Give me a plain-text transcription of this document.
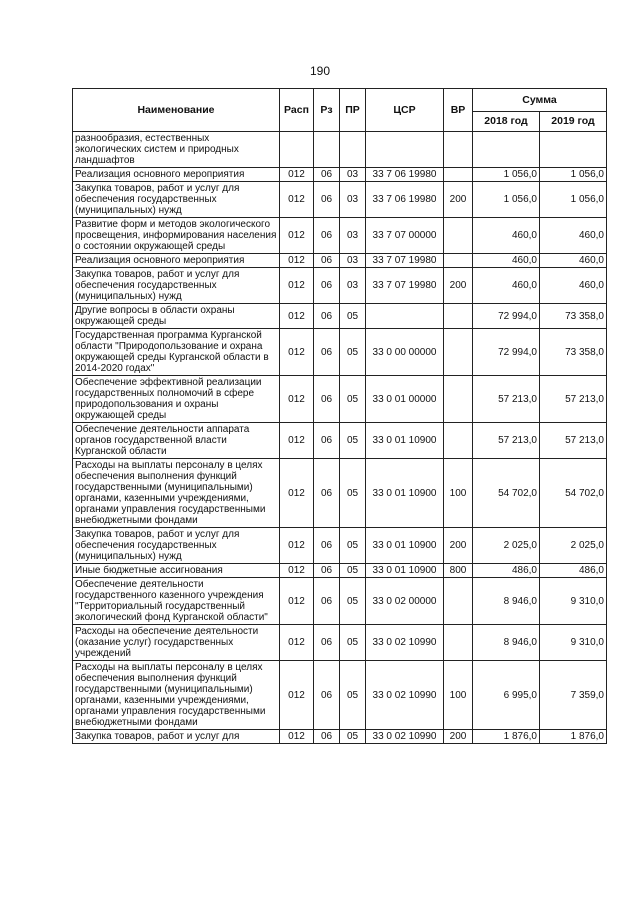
190
Наименование	Расп	Рз	ПР	ЦСР	ВР	Сумма	
						2018 год	2019 год
разнообразия, естественных экологических систем и природных ландшафтов							
Реализация основного мероприятия	012	06	03	33 7 06 19980		1 056,0	1 056,0
Закупка товаров, работ и услуг для обеспечения государственных (муниципальных) нужд	012	06	03	33 7 06 19980	200	1 056,0	1 056,0
Развитие форм и методов экологического просвещения, информирования населения о состоянии окружающей среды	012	06	03	33 7 07 00000		460,0	460,0
Реализация основного мероприятия	012	06	03	33 7 07 19980		460,0	460,0
Закупка товаров, работ и услуг для обеспечения государственных (муниципальных) нужд	012	06	03	33 7 07 19980	200	460,0	460,0
Другие вопросы в области охраны окружающей среды	012	06	05			72 994,0	73 358,0
Государственная программа Курганской области "Природопользование и охрана окружающей среды Курганской области в 2014-2020 годах"	012	06	05	33 0 00 00000		72 994,0	73 358,0
Обеспечение эффективной реализации государственных полномочий в сфере природопользования и охраны окружающей среды	012	06	05	33 0 01 00000		57 213,0	57 213,0
Обеспечение деятельности аппарата органов государственной власти Курганской области	012	06	05	33 0 01 10900		57 213,0	57 213,0
Расходы на выплаты персоналу в целях обеспечения выполнения функций государственными (муниципальными) органами, казенными учреждениями, органами управления государственными внебюджетными фондами	012	06	05	33 0 01 10900	100	54 702,0	54 702,0
Закупка товаров, работ и услуг для обеспечения государственных (муниципальных) нужд	012	06	05	33 0 01 10900	200	2 025,0	2 025,0
Иные бюджетные ассигнования	012	06	05	33 0 01 10900	800	486,0	486,0
Обеспечение деятельности государственного казенного учреждения "Территориальный государственный экологический фонд Курганской области"	012	06	05	33 0 02 00000		8 946,0	9 310,0
Расходы на обеспечение деятельности (оказание услуг) государственных учреждений	012	06	05	33 0 02 10990		8 946,0	9 310,0
Расходы на выплаты персоналу в целях обеспечения выполнения функций государственными (муниципальными) органами, казенными учреждениями, органами управления государственными внебюджетными фондами	012	06	05	33 0 02 10990	100	6 995,0	7 359,0
Закупка товаров, работ и услуг для	012	06	05	33 0 02 10990	200	1 876,0	1 876,0
